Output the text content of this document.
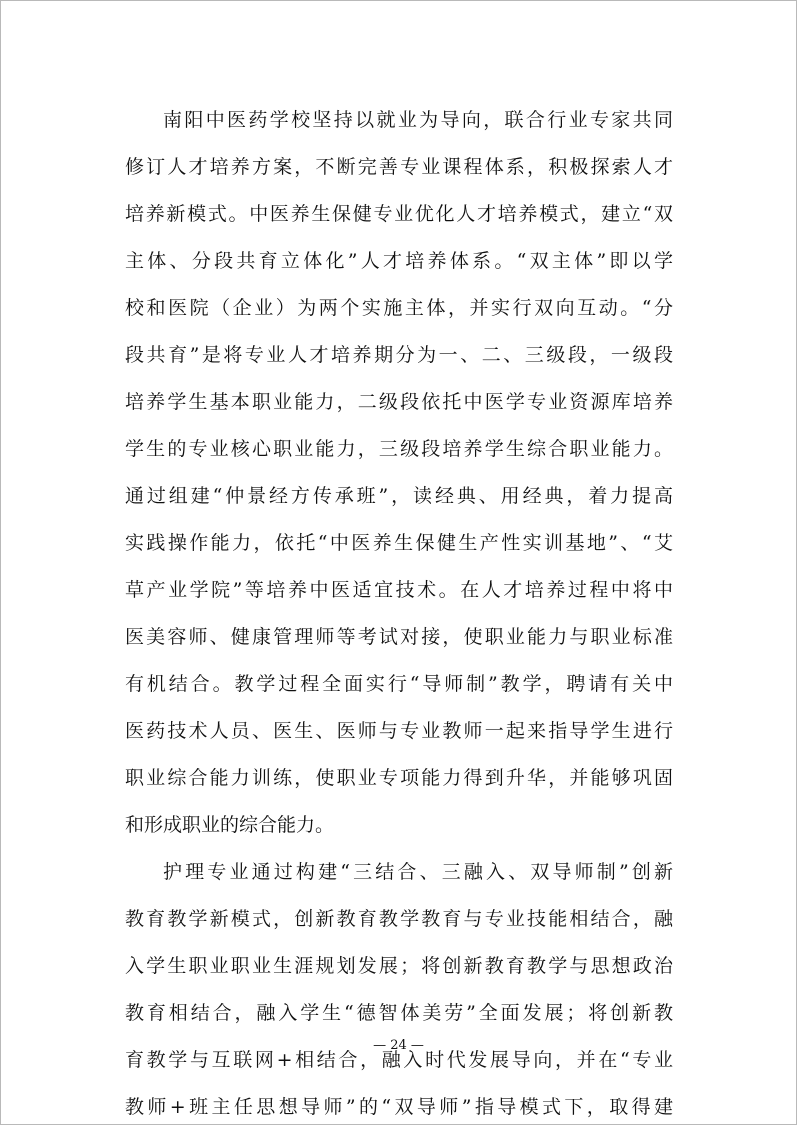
南阳中医药学校坚持以就业为导向，联合行业专家共同
修订人才培养方案，不断完善专业课程体系，积极探索人才
培养新模式。中医养生保健专业优化人才培养模式，建立“双
主体、分段共育立体化”人才培养体系。“双主体”即以学
校和医院（企业）为两个实施主体，并实行双向互动。“分
段共育”是将专业人才培养期分为一、二、三级段，一级段
培养学生基本职业能力，二级段依托中医学专业资源库培养
学生的专业核心职业能力，三级段培养学生综合职业能力。
通过组建“仲景经方传承班”，读经典、用经典，着力提高
实践操作能力，依托“中医养生保健生产性实训基地”、“艾
草产业学院”等培养中医适宜技术。在人才培养过程中将中
医美容师、健康管理师等考试对接，使职业能力与职业标准
有机结合。教学过程全面实行“导师制”教学，聘请有关中
医药技术人员、医生、医师与专业教师一起来指导学生进行
职业综合能力训练，使职业专项能力得到升华，并能够巩固
和形成职业的综合能力。
护理专业通过构建“三结合、三融入、双导师制”创新
教育教学新模式，创新教育教学教育与专业技能相结合，融
入学生职业职业生涯规划发展；将创新教育教学与思想政治
教育相结合，融入学生“德智体美劳”全面发展；将创新教
育教学与互联网+相结合，融入时代发展导向，并在“专业
教师+班主任思想导师”的“双导师”指导模式下，取得建
— 24 —
